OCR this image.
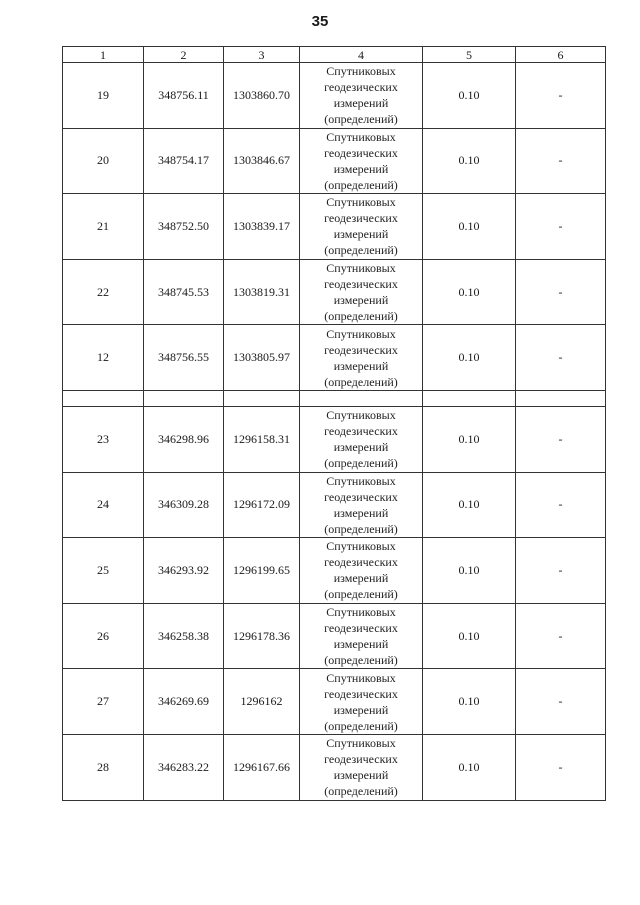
35
1	2	3	4	5	6
19	348756.11	1303860.70	Спутниковых
геодезических
измерений
(определений)	0.10	-
20	348754.17	1303846.67	Спутниковых
геодезических
измерений
(определений)	0.10	-
21	348752.50	1303839.17	Спутниковых
геодезических
измерений
(определений)	0.10	-
22	348745.53	1303819.31	Спутниковых
геодезических
измерений
(определений)	0.10	-
12	348756.55	1303805.97	Спутниковых
геодезических
измерений
(определений)	0.10	-

23	346298.96	1296158.31	Спутниковых
геодезических
измерений
(определений)	0.10	-
24	346309.28	1296172.09	Спутниковых
геодезических
измерений
(определений)	0.10	-
25	346293.92	1296199.65	Спутниковых
геодезических
измерений
(определений)	0.10	-
26	346258.38	1296178.36	Спутниковых
геодезических
измерений
(определений)	0.10	-
27	346269.69	1296162	Спутниковых
геодезических
измерений
(определений)	0.10	-
28	346283.22	1296167.66	Спутниковых
геодезических
измерений
(определений)	0.10	-
